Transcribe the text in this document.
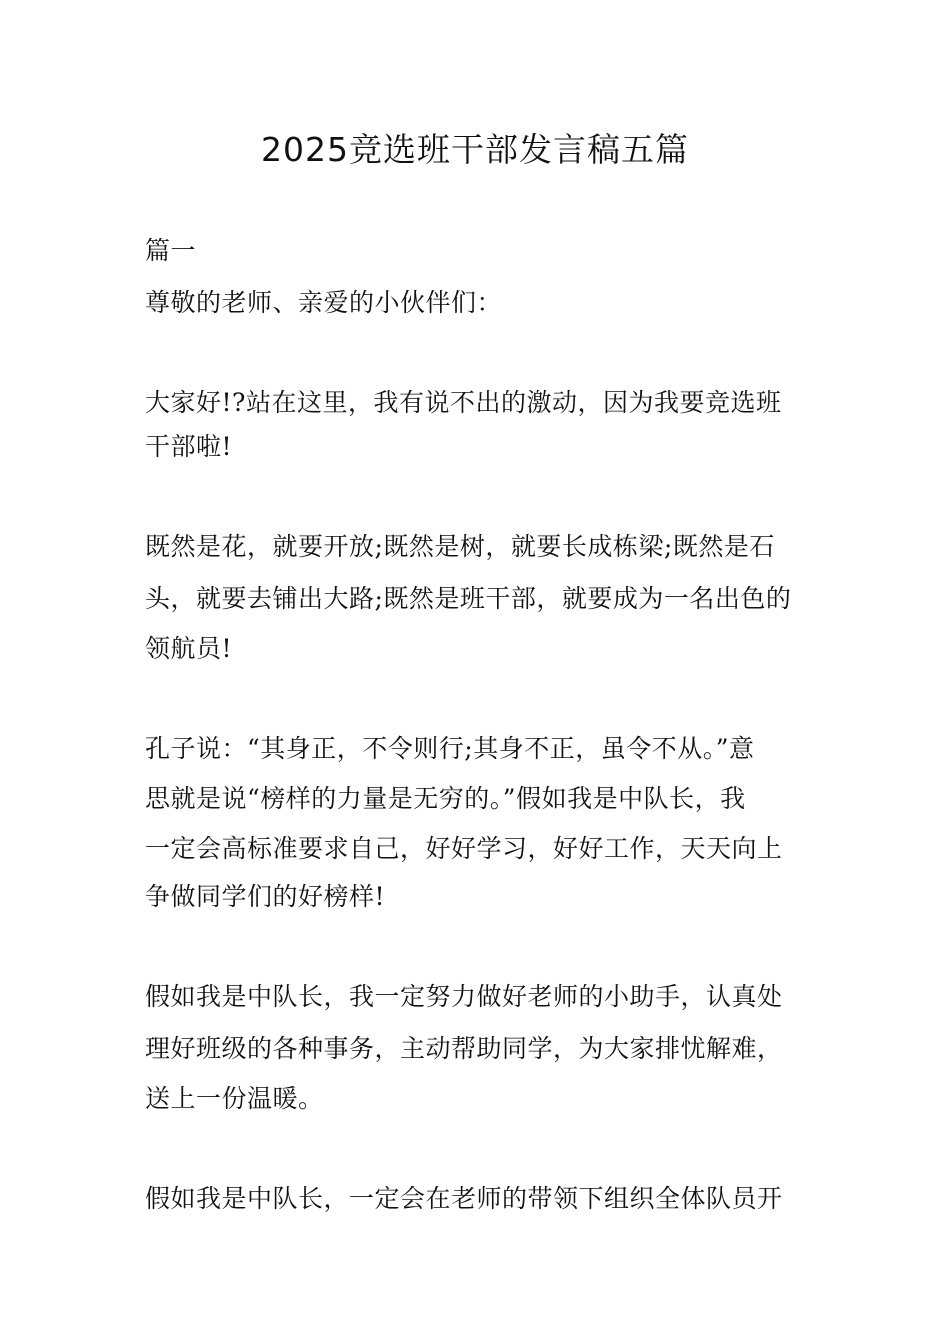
2025竞选班干部发言稿五篇
篇一
尊敬的老师、亲爱的小伙伴们：
大家好!?站在这里，我有说不出的激动，因为我要竞选班
干部啦!
既然是花，就要开放;既然是树，就要长成栋梁;既然是石
头，就要去铺出大路;既然是班干部，就要成为一名出色的
领航员!
孔子说：“其身正，不令则行;其身不正，虽令不从。”意
思就是说“榜样的力量是无穷的。”假如我是中队长，我
一定会高标准要求自己，好好学习，好好工作，天天向上
争做同学们的好榜样!
假如我是中队长，我一定努力做好老师的小助手，认真处
理好班级的各种事务，主动帮助同学，为大家排忧解难，
送上一份温暖。
假如我是中队长，一定会在老师的带领下组织全体队员开
